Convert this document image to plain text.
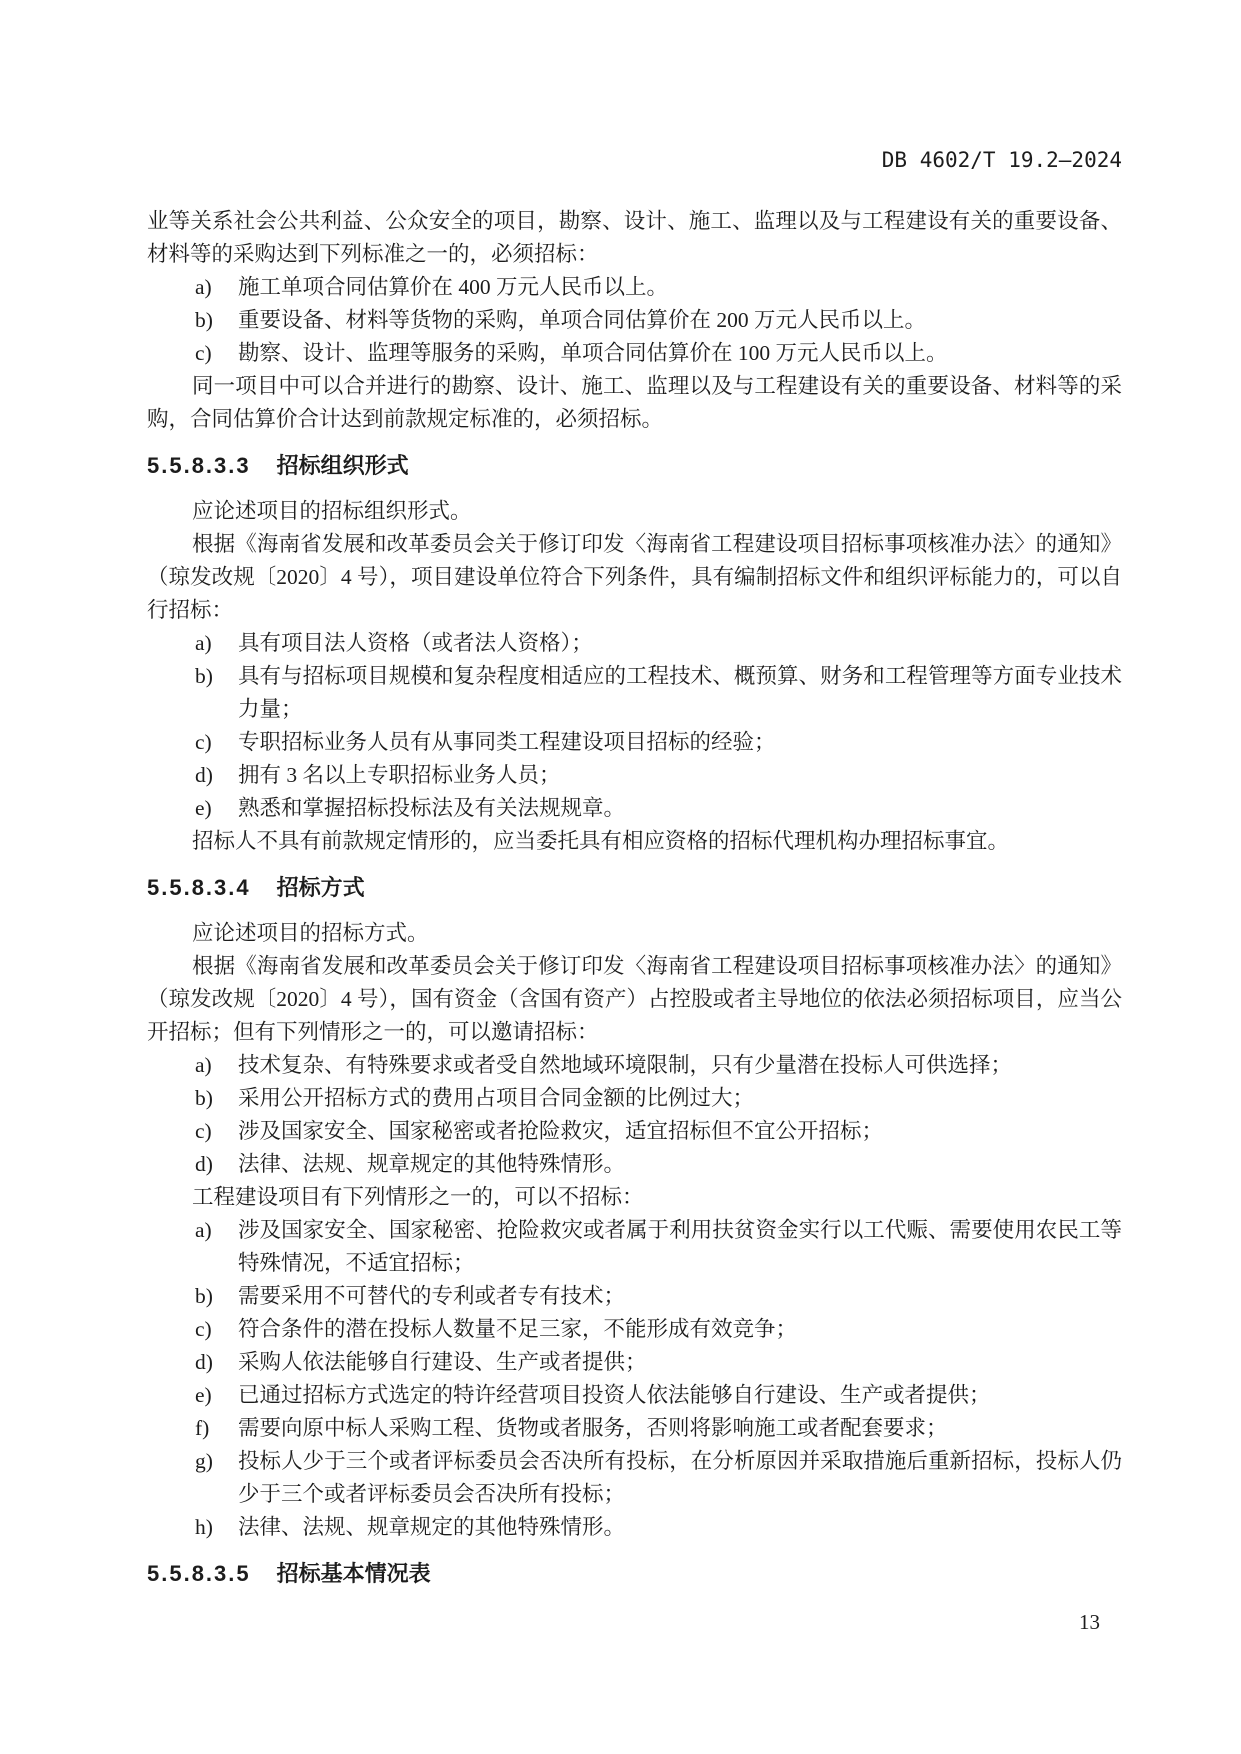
DB 4602/T 19.2—2024

业等关系社会公共利益、公众安全的项目，勘察、设计、施工、监理以及与工程建设有关的重要设备、材料等的采购达到下列标准之一的，必须招标：

a) 施工单项合同估算价在 400 万元人民币以上。
b) 重要设备、材料等货物的采购，单项合同估算价在 200 万元人民币以上。
c) 勘察、设计、监理等服务的采购，单项合同估算价在 100 万元人民币以上。

同一项目中可以合并进行的勘察、设计、施工、监理以及与工程建设有关的重要设备、材料等的采购，合同估算价合计达到前款规定标准的，必须招标。

5.5.8.3.3 招标组织形式

应论述项目的招标组织形式。

根据《海南省发展和改革委员会关于修订印发〈海南省工程建设项目招标事项核准办法〉的通知》（琼发改规〔2020〕4 号），项目建设单位符合下列条件，具有编制招标文件和组织评标能力的，可以自行招标：

a) 具有项目法人资格（或者法人资格）；
b) 具有与招标项目规模和复杂程度相适应的工程技术、概预算、财务和工程管理等方面专业技术力量；
c) 专职招标业务人员有从事同类工程建设项目招标的经验；
d) 拥有 3 名以上专职招标业务人员；
e) 熟悉和掌握招标投标法及有关法规规章。

招标人不具有前款规定情形的，应当委托具有相应资格的招标代理机构办理招标事宜。

5.5.8.3.4 招标方式

应论述项目的招标方式。

根据《海南省发展和改革委员会关于修订印发〈海南省工程建设项目招标事项核准办法〉的通知》（琼发改规〔2020〕4 号），国有资金（含国有资产）占控股或者主导地位的依法必须招标项目，应当公开招标；但有下列情形之一的，可以邀请招标：

a) 技术复杂、有特殊要求或者受自然地域环境限制，只有少量潜在投标人可供选择；
b) 采用公开招标方式的费用占项目合同金额的比例过大；
c) 涉及国家安全、国家秘密或者抢险救灾，适宜招标但不宜公开招标；
d) 法律、法规、规章规定的其他特殊情形。

工程建设项目有下列情形之一的，可以不招标：

a) 涉及国家安全、国家秘密、抢险救灾或者属于利用扶贫资金实行以工代赈、需要使用农民工等特殊情况，不适宜招标；
b) 需要采用不可替代的专利或者专有技术；
c) 符合条件的潜在投标人数量不足三家，不能形成有效竞争；
d) 采购人依法能够自行建设、生产或者提供；
e) 已通过招标方式选定的特许经营项目投资人依法能够自行建设、生产或者提供；
f) 需要向原中标人采购工程、货物或者服务，否则将影响施工或者配套要求；
g) 投标人少于三个或者评标委员会否决所有投标，在分析原因并采取措施后重新招标，投标人仍少于三个或者评标委员会否决所有投标；
h) 法律、法规、规章规定的其他特殊情形。
5.5.8.3.5 招标基本情况表
13
